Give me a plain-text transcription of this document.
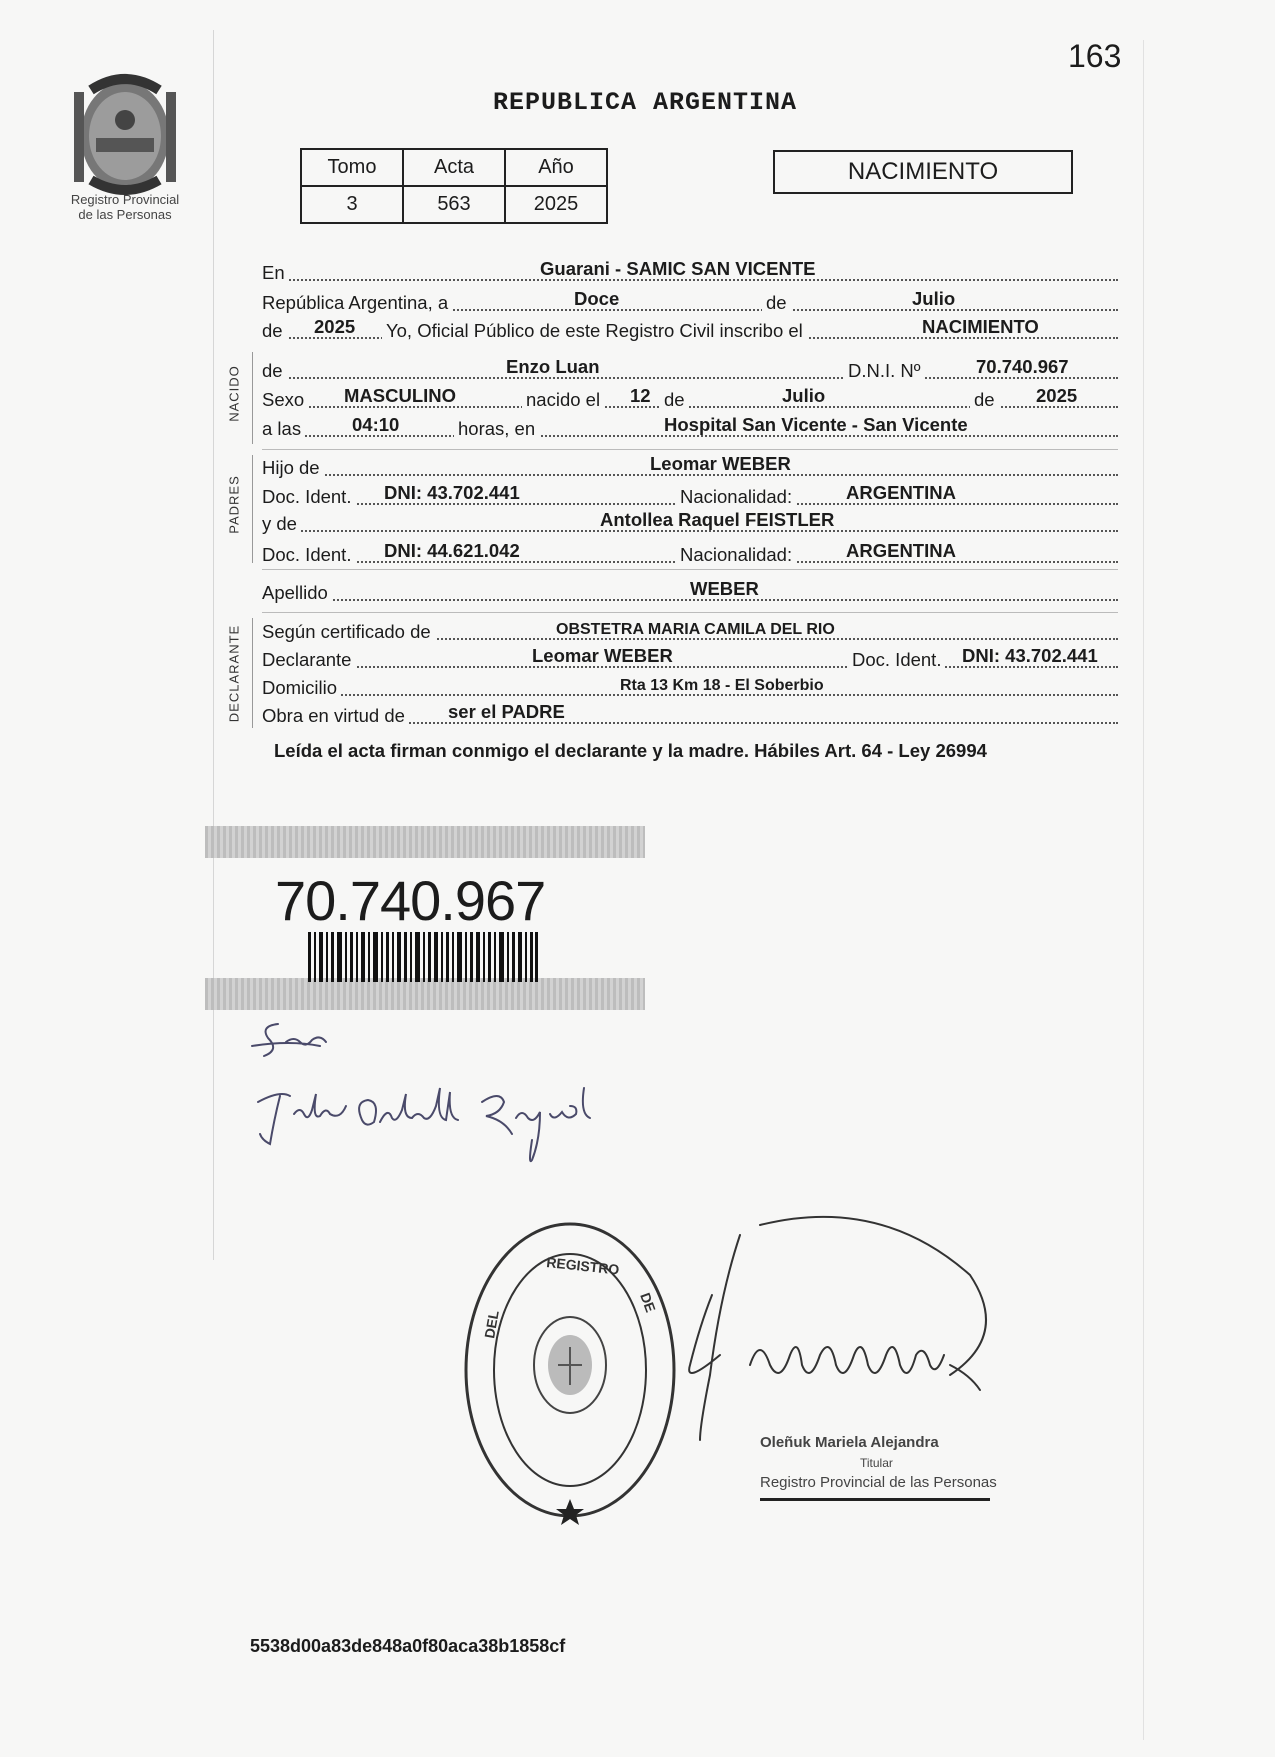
163
Registro Provincial
de las Personas
REPUBLICA ARGENTINA
Tomo	Acta	Año
3	563	2025
NACIMIENTO
En	Guarani - SAMIC SAN VICENTE
República Argentina, a	Doce	de	Julio
de 2025 Yo, Oficial Público de este Registro Civil inscribo el	NACIMIENTO
de	Enzo Luan	D.N.I. Nº	70.740.967
Sexo MASCULINO	nacido el 12 de	Julio	de 2025
a las	04:10	horas, en	Hospital San Vicente - San Vicente
Hijo de	Leomar WEBER
Doc. Ident. DNI: 43.702.441	Nacionalidad:	ARGENTINA
y de	Antollea Raquel FEISTLER
Doc. Ident. DNI: 44.621.042	Nacionalidad:	ARGENTINA
Apellido	WEBER
Según certificado de	OBSTETRA MARIA CAMILA DEL RIO
Declarante	Leomar WEBER	Doc. Ident. DNI: 43.702.441
Domicilio	Rta 13 Km 18 - El Soberbio
Obra en virtud de ser el PADRE
NACIDO
PADRES
DECLARANTE
Leída el acta firman conmigo el declarante y la madre. Hábiles Art. 64 - Ley 26994
70.740.967
REGISTRO
DEL
DE
Oleñuk Mariela Alejandra
Titular
Registro Provincial de las Personas
5538d00a83de848a0f80aca38b1858cf
